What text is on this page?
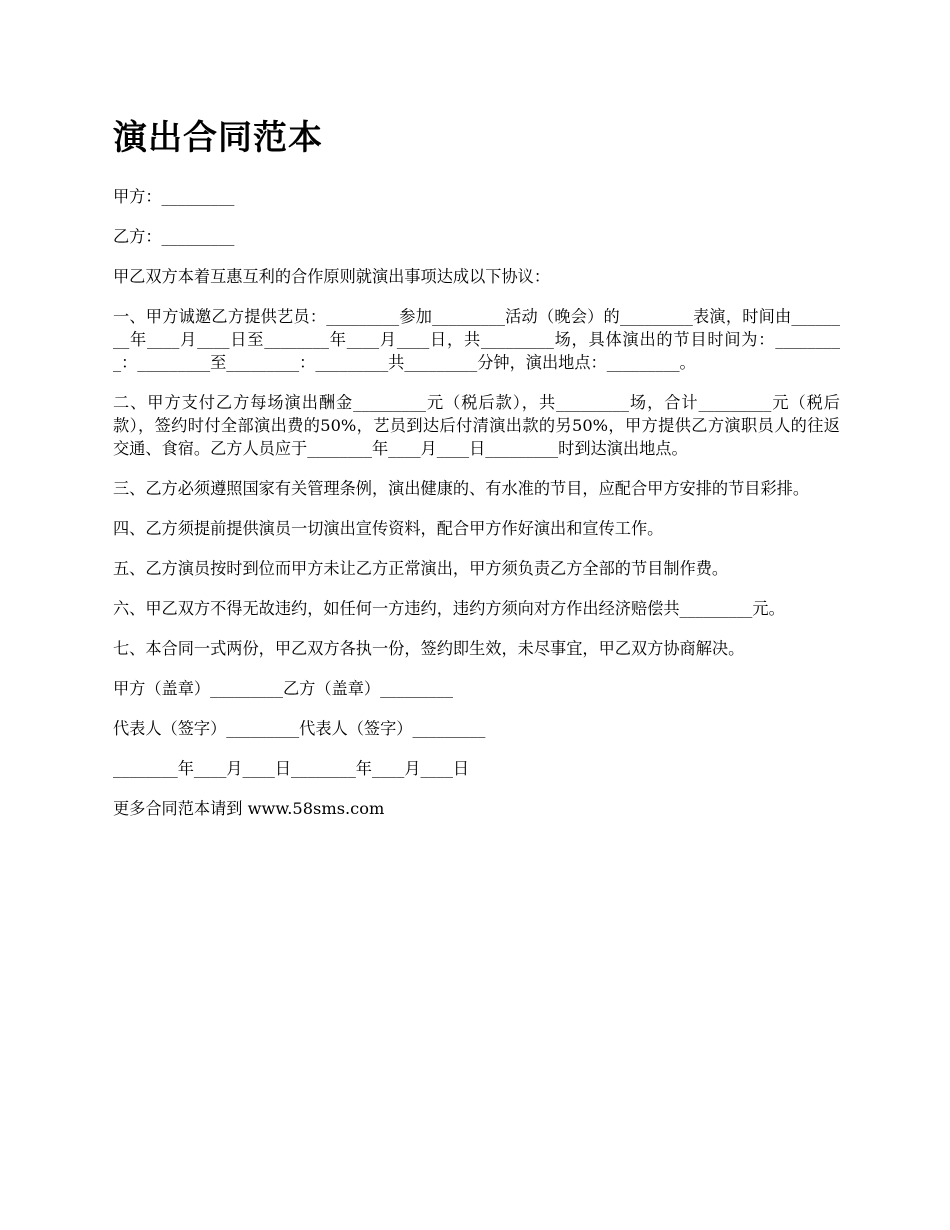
演出合同范本

甲方：_________

乙方：_________

甲乙双方本着互惠互利的合作原则就演出事项达成以下协议：

一、甲方诚邀乙方提供艺员：_________参加_________活动（晚会）的_________表演，时间由________年____月____日至________年____月____日，共_________场，具体演出的节目时间为：_________：_________至_________：_________共_________分钟，演出地点：_________。

二、甲方支付乙方每场演出酬金_________元（税后款），共_________场，合计_________元（税后款），签约时付全部演出费的50%，艺员到达后付清演出款的另50%，甲方提供乙方演职员人的往返交通、食宿。乙方人员应于________年____月____日_________时到达演出地点。

三、乙方必须遵照国家有关管理条例，演出健康的、有水准的节目，应配合甲方安排的节目彩排。

四、乙方须提前提供演员一切演出宣传资料，配合甲方作好演出和宣传工作。

五、乙方演员按时到位而甲方未让乙方正常演出，甲方须负责乙方全部的节目制作费。

六、甲乙双方不得无故违约，如任何一方违约，违约方须向对方作出经济赔偿共_________元。

七、本合同一式两份，甲乙双方各执一份，签约即生效，未尽事宜，甲乙双方协商解决。

甲方（盖章）_________乙方（盖章）_________

代表人（签字）_________代表人（签字）_________

________年____月____日________年____月____日

更多合同范本请到 www.58sms.com
